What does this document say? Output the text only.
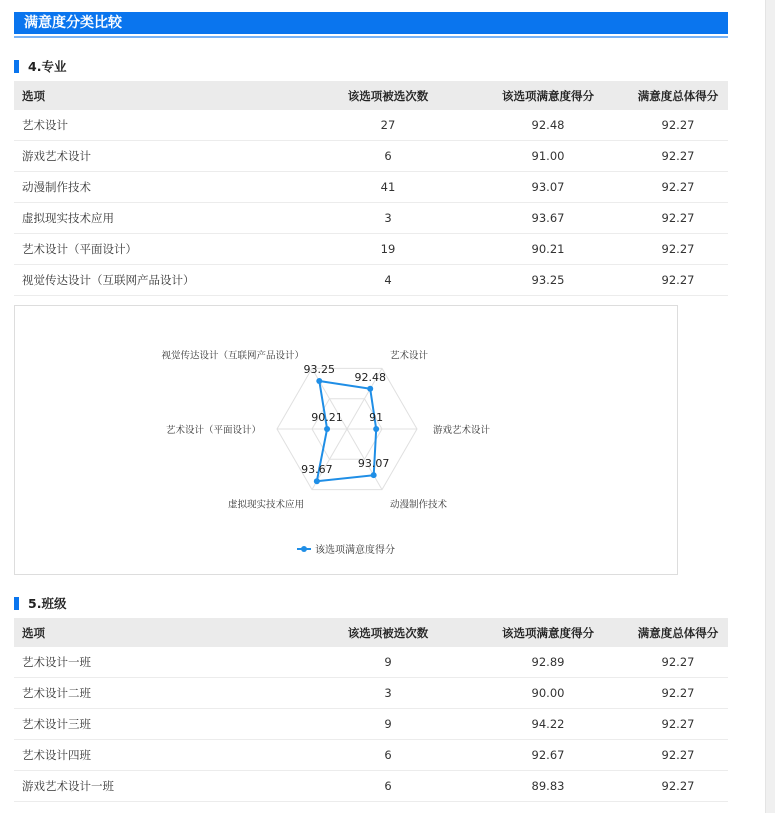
满意度分类比较
4.专业
选项	该选项被选次数	该选项满意度得分	满意度总体得分
艺术设计	27	92.48	92.27
游戏艺术设计	6	91.00	92.27
动漫制作技术	41	93.07	92.27
虚拟现实技术应用	3	93.67	92.27
艺术设计（平面设计）	19	90.21	92.27
视觉传达设计（互联网产品设计）	4	93.25	92.27
92.48
91
93.07
93.67
90.21
93.25
艺术设计
游戏艺术设计
动漫制作技术
虚拟现实技术应用
艺术设计（平面设计）
视觉传达设计（互联网产品设计）
该选项满意度得分
5.班级
选项	该选项被选次数	该选项满意度得分	满意度总体得分
艺术设计一班	9	92.89	92.27
艺术设计二班	3	90.00	92.27
艺术设计三班	9	94.22	92.27
艺术设计四班	6	92.67	92.27
游戏艺术设计一班	6	89.83	92.27
